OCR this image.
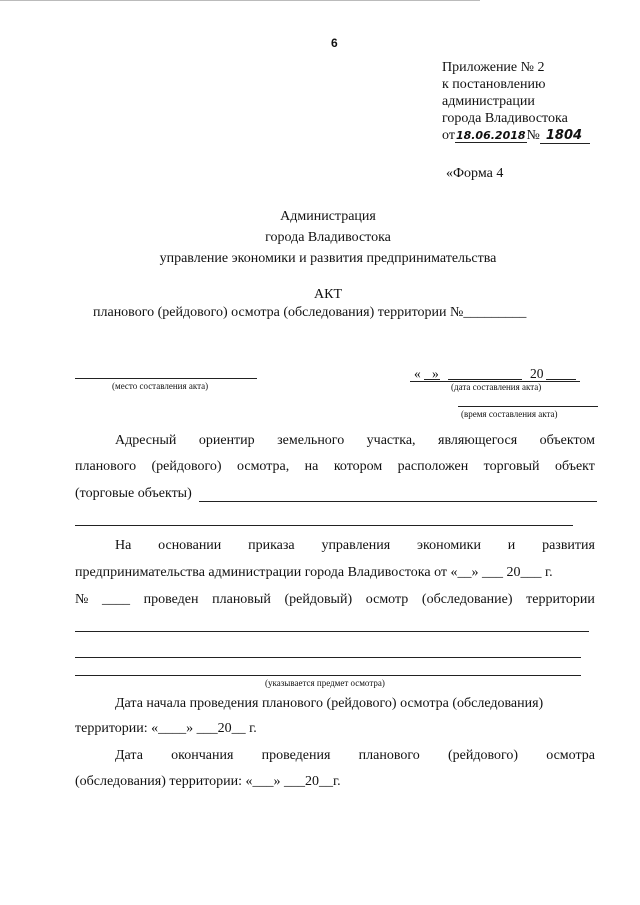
6
Приложение № 2
к постановлению
администрации
города Владивостока
от18.06.2018№ 1804
«Форма 4
Администрация
города Владивостока
управление экономики и развития предпринимательства
АКТ
планового (рейдового) осмотра (обследования) территории №_________
(место составления акта)
« »	20
(дата составления акта)
(время составления акта)
Адресный ориентир земельного участка, являющегося объектом
планового (рейдового) осмотра, на котором расположен торговый объект
(торговые объекты)
На основании приказа управления экономики и развития
предпринимательства администрации города Владивостока от «__» ___ 20___ г.
№ ____ проведен плановый (рейдовый) осмотр (обследование) территории
(указывается предмет осмотра)
Дата начала проведения планового (рейдового) осмотра (обследования)
территории: «____» ___20__ г.
Дата окончания проведения планового (рейдового) осмотра
(обследования) территории: «___» ___20__г.
